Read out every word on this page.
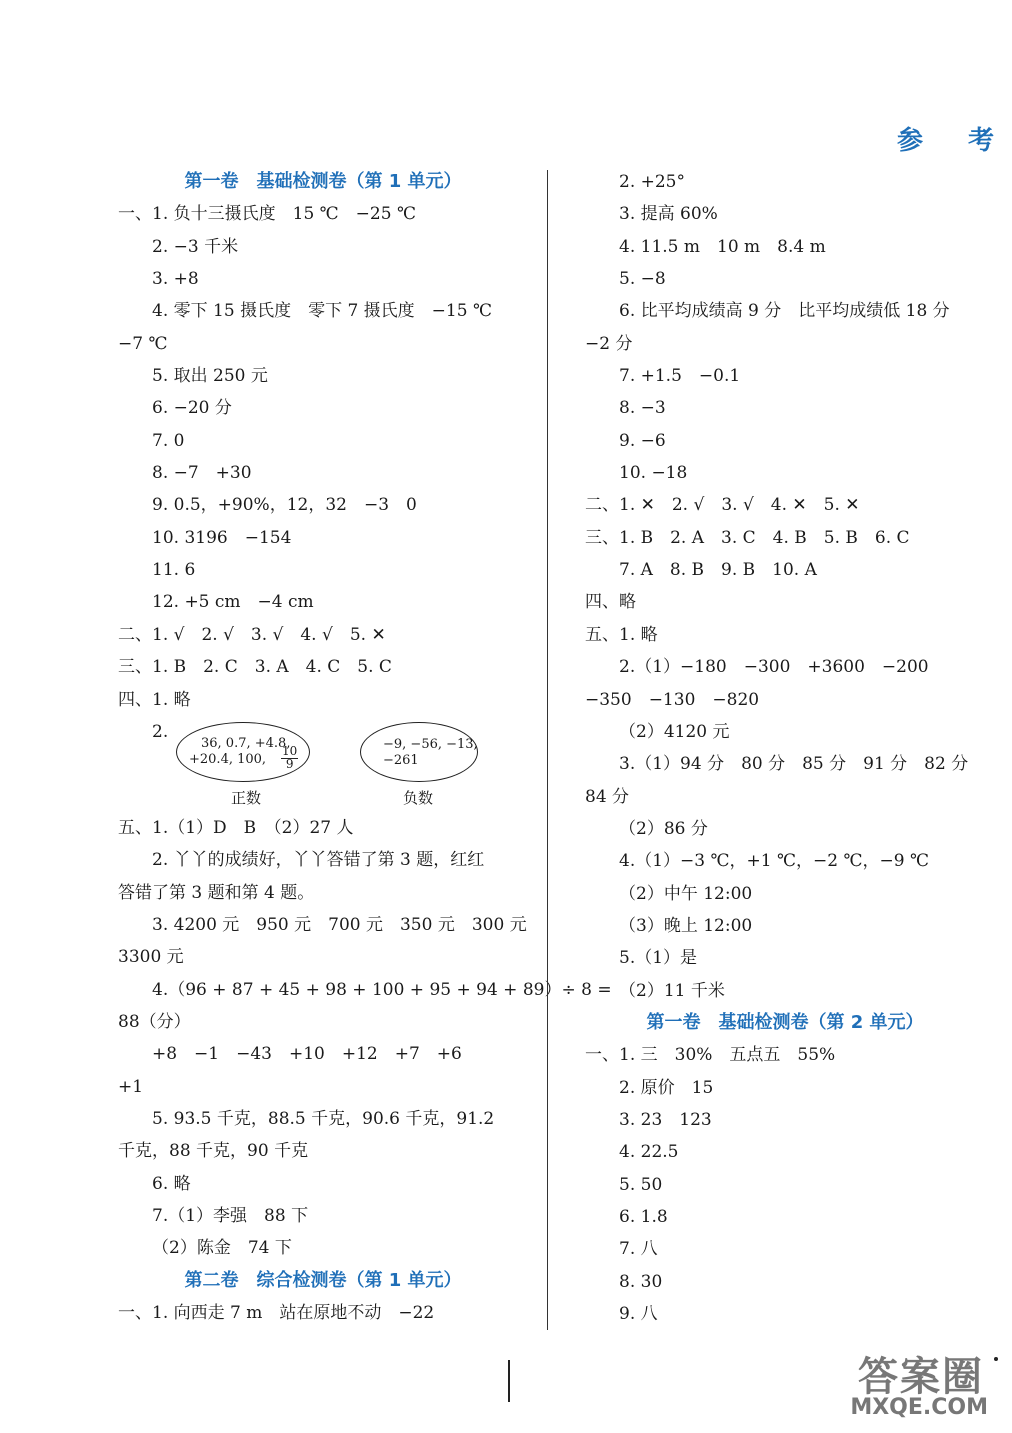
参 考
第一卷　基础检测卷（第 1 单元）
一、1. 负十三摄氏度　15 ℃　−25 ℃
2. −3 千米
3. +8
4. 零下 15 摄氏度　零下 7 摄氏度　−15 ℃
−7 ℃
5. 取出 250 元
6. −20 分
7. 0
8. −7　+30
9. 0.5，+90%，12，32　−3　0
10. 3196　−154
11. 6
12. +5 cm　−4 cm
二、1. √　2. √　3. √　4. √　5. ✕
三、1. B　2. C　3. A　4. C　5. C
四、1. 略
2.
36, 0.7, +4.8,
+20.4, 100, $\frac{10}{9}$
−9, −56, −13,
−261
正数	负数
五、1.（1）D　B　（2）27 人
2. 丫丫的成绩好，丫丫答错了第 3 题，红红
答错了第 3 题和第 4 题。
3. 4200 元　950 元　700 元　350 元　300 元
3300 元
4.（96 + 87 + 45 + 98 + 100 + 95 + 94 + 89）÷ 8 =
88（分）
+8　−1　−43　+10　+12　+7　+6
+1
5. 93.5 千克，88.5 千克，90.6 千克，91.2
千克，88 千克，90 千克
6. 略
7.（1）李强　88 下
（2）陈金　74 下
第二卷　综合检测卷（第 1 单元）
一、1. 向西走 7 m　站在原地不动　−22
2. +25°
3. 提高 60%
4. 11.5 m　10 m　8.4 m
5. −8
6. 比平均成绩高 9 分　比平均成绩低 18 分
−2 分
7. +1.5　−0.1
8. −3
9. −6
10. −18
二、1. ✕　2. √　3. √　4. ✕　5. ✕
三、1. B　2. A　3. C　4. B　5. B　6. C
7. A　8. B　9. B　10. A
四、略
五、1. 略
2.（1）−180　−300　+3600　−200
−350　−130　−820
（2）4120 元
3.（1）94 分　80 分　85 分　91 分　82 分
84 分
（2）86 分
4.（1）−3 ℃，+1 ℃，−2 ℃，−9 ℃
（2）中午 12:00
（3）晚上 12:00
5.（1）是
（2）11 千米
第一卷　基础检测卷（第 2 单元）
一、1. 三　30%　五点五　55%
2. 原价　15
3. 23　123
4. 22.5
5. 50
6. 1.8
7. 八
8. 30
9. 八
答案圈
MXQE.COM
